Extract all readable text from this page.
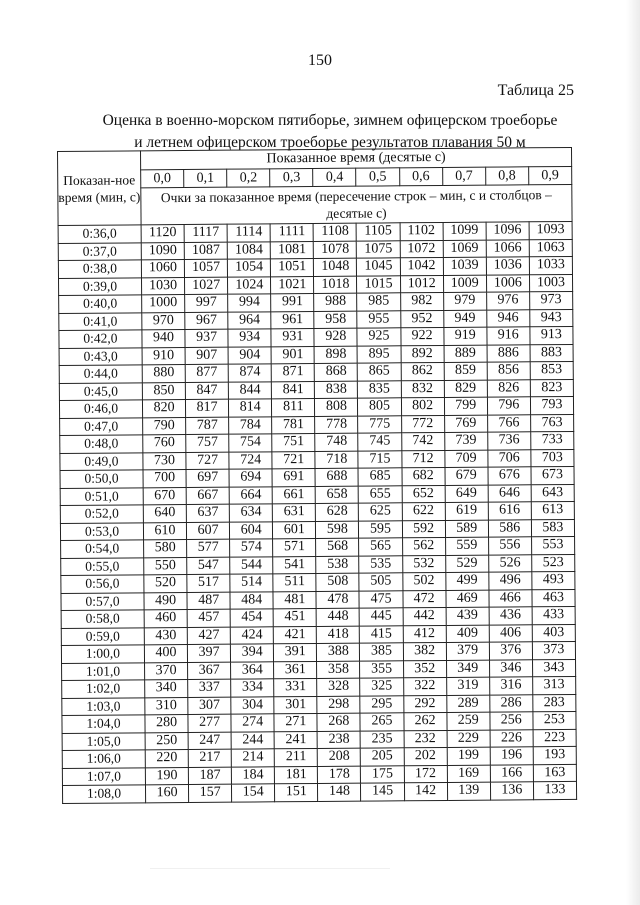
150
Таблица 25
Оценка в военно-морском пятиборье, зимнем офицерском троеборье
и летнем офицерском троеборье результатов плавания 50 м
Показан-ное время (мин, с)	Показанное время (десятые с)									
	0,0	0,1	0,2	0,3	0,4	0,5	0,6	0,7	0,8	0,9
	Очки за показанное время (пересечение строк – мин, с и столбцов – десятые с)									
0:36,0	1120	1117	1114	1111	1108	1105	1102	1099	1096	1093
0:37,0	1090	1087	1084	1081	1078	1075	1072	1069	1066	1063
0:38,0	1060	1057	1054	1051	1048	1045	1042	1039	1036	1033
0:39,0	1030	1027	1024	1021	1018	1015	1012	1009	1006	1003
0:40,0	1000	997	994	991	988	985	982	979	976	973
0:41,0	970	967	964	961	958	955	952	949	946	943
0:42,0	940	937	934	931	928	925	922	919	916	913
0:43,0	910	907	904	901	898	895	892	889	886	883
0:44,0	880	877	874	871	868	865	862	859	856	853
0:45,0	850	847	844	841	838	835	832	829	826	823
0:46,0	820	817	814	811	808	805	802	799	796	793
0:47,0	790	787	784	781	778	775	772	769	766	763
0:48,0	760	757	754	751	748	745	742	739	736	733
0:49,0	730	727	724	721	718	715	712	709	706	703
0:50,0	700	697	694	691	688	685	682	679	676	673
0:51,0	670	667	664	661	658	655	652	649	646	643
0:52,0	640	637	634	631	628	625	622	619	616	613
0:53,0	610	607	604	601	598	595	592	589	586	583
0:54,0	580	577	574	571	568	565	562	559	556	553
0:55,0	550	547	544	541	538	535	532	529	526	523
0:56,0	520	517	514	511	508	505	502	499	496	493
0:57,0	490	487	484	481	478	475	472	469	466	463
0:58,0	460	457	454	451	448	445	442	439	436	433
0:59,0	430	427	424	421	418	415	412	409	406	403
1:00,0	400	397	394	391	388	385	382	379	376	373
1:01,0	370	367	364	361	358	355	352	349	346	343
1:02,0	340	337	334	331	328	325	322	319	316	313
1:03,0	310	307	304	301	298	295	292	289	286	283
1:04,0	280	277	274	271	268	265	262	259	256	253
1:05,0	250	247	244	241	238	235	232	229	226	223
1:06,0	220	217	214	211	208	205	202	199	196	193
1:07,0	190	187	184	181	178	175	172	169	166	163
1:08,0	160	157	154	151	148	145	142	139	136	133
